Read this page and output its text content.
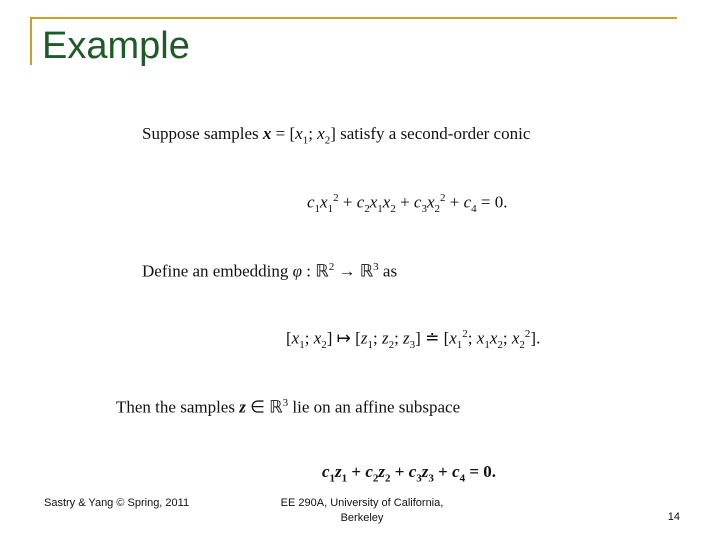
Example
Suppose samples $x = [x_1$; $x_2$] satisfy a second-order conic
$c_1x_1^2 + c_2x_1x_2 + c_3x_2^2 + c_4 = 0$.
Define an embedding φ : ℝ$^2$ → ℝ$^3$ as
[$x_1$; $x_2$] ↦ [$z_1$; $z_2$; $z_3$] ≐ [$x_1^2$; $x_1x_2$; $x_2^2$].
Then the samples z ∈ ℝ$^3$ lie on an affine subspace
$c_1z_1 + c_2z_2 + c_3z_3 + c_4 = 0$.
Sastry & Yang © Spring, 2011	EE 290A, University of California, Berkeley	14
